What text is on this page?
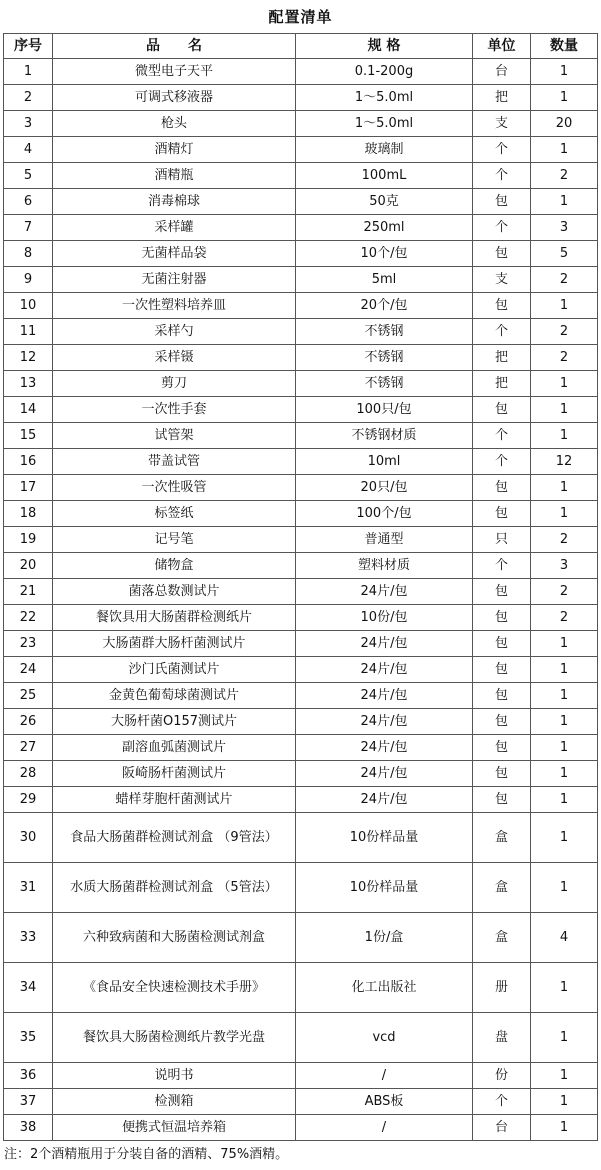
配置清单
序号	品　　名	规 格	单位	数量
1	微型电子天平	0.1-200g	台	1
2	可调式移液器	1～5.0ml	把	1
3	枪头	1～5.0ml	支	20
4	酒精灯	玻璃制	个	1
5	酒精瓶	100mL	个	2
6	消毒棉球	50克	包	1
7	采样罐	250ml	个	3
8	无菌样品袋	10个/包	包	5
9	无菌注射器	5ml	支	2
10	一次性塑料培养皿	20个/包	包	1
11	采样勺	不锈钢	个	2
12	采样镊	不锈钢	把	2
13	剪刀	不锈钢	把	1
14	一次性手套	100只/包	包	1
15	试管架	不锈钢材质	个	1
16	带盖试管	10ml	个	12
17	一次性吸管	20只/包	包	1
18	标签纸	100个/包	包	1
19	记号笔	普通型	只	2
20	储物盒	塑料材质	个	3
21	菌落总数测试片	24片/包	包	2
22	餐饮具用大肠菌群检测纸片	10份/包	包	2
23	大肠菌群大肠杆菌测试片	24片/包	包	1
24	沙门氏菌测试片	24片/包	包	1
25	金黄色葡萄球菌测试片	24片/包	包	1
26	大肠杆菌O157测试片	24片/包	包	1
27	副溶血弧菌测试片	24片/包	包	1
28	阪崎肠杆菌测试片	24片/包	包	1
29	蜡样芽胞杆菌测试片	24片/包	包	1
30	食品大肠菌群检测试剂盒 （9管法）	10份样品量	盒	1
31	水质大肠菌群检测试剂盒 （5管法）	10份样品量	盒	1
33	六种致病菌和大肠菌检测试剂盒	1份/盒	盒	4
34	《食品安全快速检测技术手册》	化工出版社	册	1
35	餐饮具大肠菌检测纸片教学光盘	vcd	盘	1
36	说明书	/	份	1
37	检测箱	ABS板	个	1
38	便携式恒温培养箱	/	台	1
注：2个酒精瓶用于分装自备的酒精、75%酒精。
